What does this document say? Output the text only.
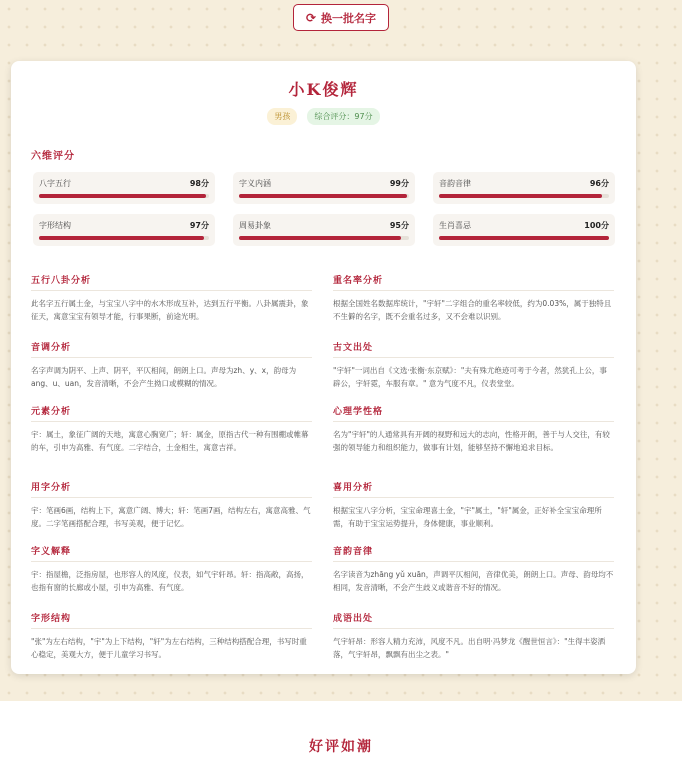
⟳ 换一批名字
小K俊辉
男孩	综合评分：97分
六维评分
八字五行	98分	字义内涵	99分	音韵音律	96分
字形结构	97分	周易卦象	95分	生肖喜忌	100分
五行八卦分析
此名字五行属土金，与宝宝八字中的水木形成互补，达到五行平衡。八卦属震卦，象征天，寓意宝宝有领导才能，行事果断，前途光明。
音调分析
名字声调为阴平、上声、阴平，平仄相间，朗朗上口。声母为zh、y、x，韵母为ang、u、uan，发音清晰，不会产生拗口或模糊的情况。
元素分析
宇：属土，象征广阔的天地，寓意心胸宽广；轩：属金，原指古代一种有围棚或帷幕的车，引申为高雅、有气度。二字结合，土金相生，寓意吉祥。
用字分析
宇：笔画6画，结构上下，寓意广阔、博大；轩：笔画7画，结构左右，寓意高雅、气度。二字笔画搭配合理，书写美观，便于记忆。
字义解释
宇：指屋檐，泛指房屋，也形容人的风度，仪表，如气宇轩昂。轩：指高敞，高扬，也指有窗的长廊或小屋，引申为高雅、有气度。
字形结构
"张"为左右结构，"宇"为上下结构，"轩"为左右结构，三种结构搭配合理，书写时重心稳定，美观大方，便于儿童学习书写。
重名率分析
根据全国姓名数据库统计，"宇轩"二字组合的重名率较低，约为0.03%，属于独特且不生僻的名字，既不会重名过多，又不会难以识别。
古文出处
"宇轩"一词出自《文选·张衡·东京赋》："夫有殊尤绝迹可考于今者，然犹孔上公，事辟公，宇轩霓，车服有章。" 意为气度不凡，仪表堂堂。
心理学性格
名为"宇轩"的人通常具有开阔的视野和远大的志向，性格开朗，善于与人交往，有较强的领导能力和组织能力，做事有计划，能够坚持不懈地追求目标。
喜用分析
根据宝宝八字分析，宝宝命理喜土金，"宇"属土，"轩"属金，正好补全宝宝命理所需，有助于宝宝运势提升，身体健康，事业顺利。
音韵音律
名字读音为zhāng yǔ xuān，声调平仄相间，音律优美，朗朗上口。声母、韵母均不相同，发音清晰，不会产生歧义或谐音不好的情况。
成语出处
气宇轩昂：形容人精力充沛，风度不凡。出自明·冯梦龙《醒世恒言》："生得丰姿洒落，气宇轩昂，飘飘有出尘之表。"
好评如潮
